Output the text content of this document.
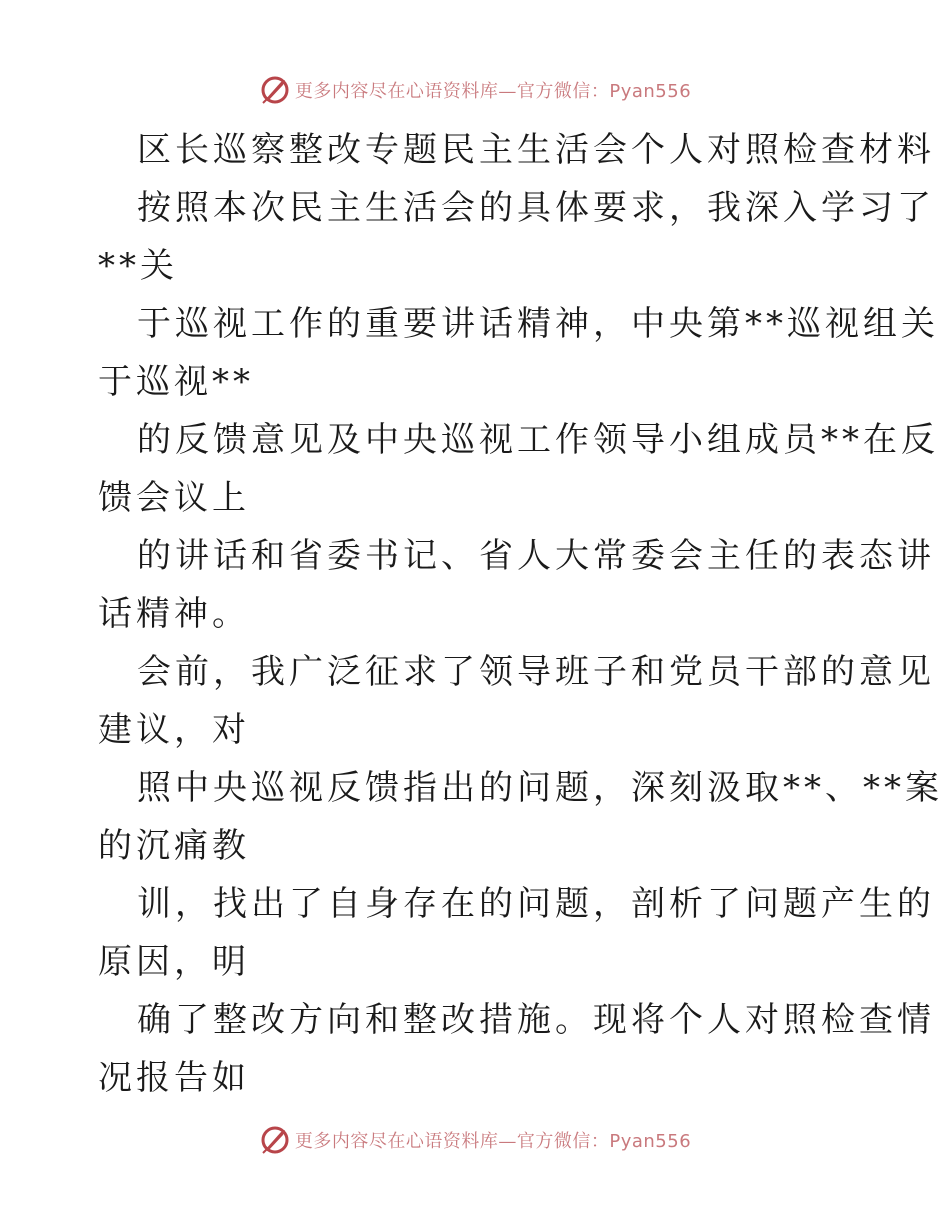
更多内容尽在心语资料库—官方微信：Pyan556
区长巡察整改专题民主生活会个人对照检查材料
按照本次民主生活会的具体要求，我深入学习了
**关
于巡视工作的重要讲话精神，中央第**巡视组关
于巡视**
的反馈意见及中央巡视工作领导小组成员**在反
馈会议上
的讲话和省委书记、省人大常委会主任的表态讲
话精神。
会前，我广泛征求了领导班子和党员干部的意见
建议，对
照中央巡视反馈指出的问题，深刻汲取**、**案
的沉痛教
训，找出了自身存在的问题，剖析了问题产生的
原因，明
确了整改方向和整改措施。现将个人对照检查情
况报告如
更多内容尽在心语资料库—官方微信：Pyan556
